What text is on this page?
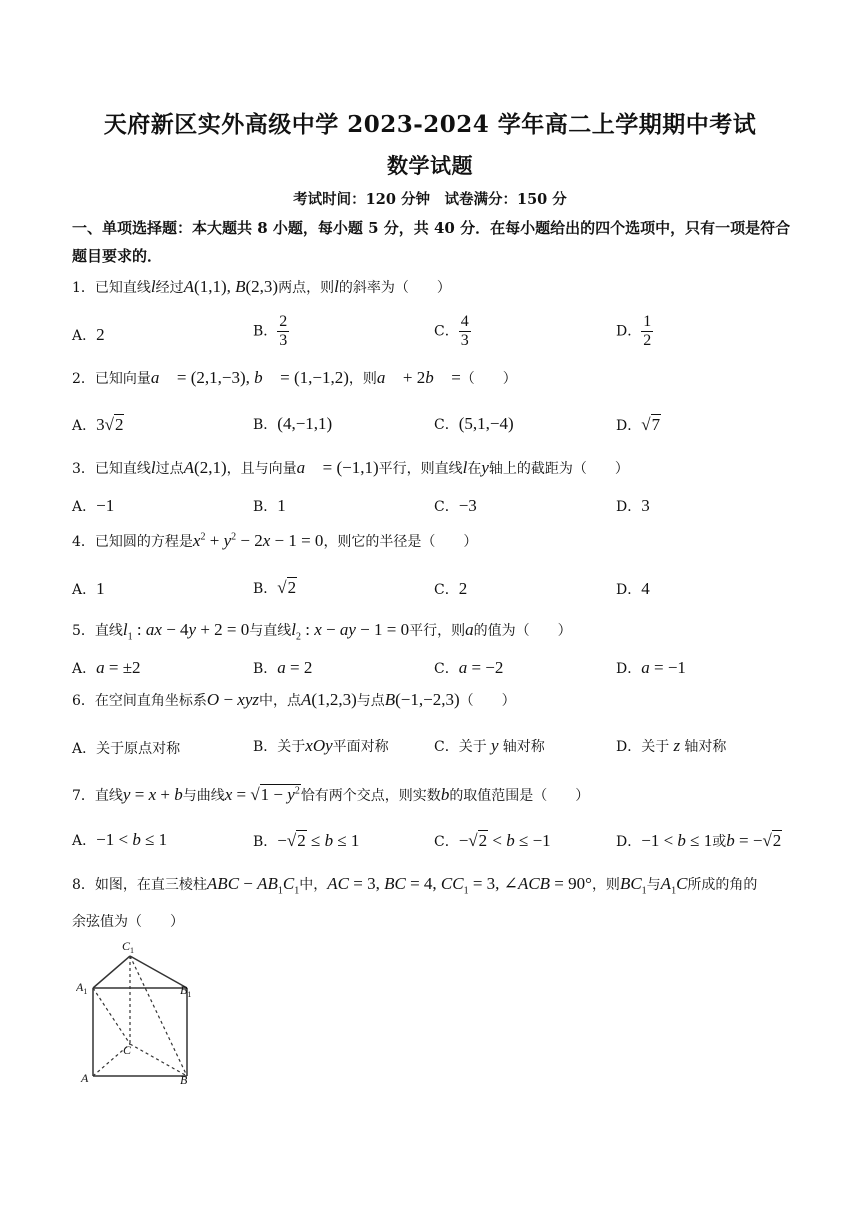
天府新区实外高级中学 2023-2024 学年高二上学期期中考试
数学试题
考试时间：120 分钟　试卷满分：150 分
一、单项选择题：本大题共 8 小题，每小题 5 分，共 40 分．在每小题给出的四个选项中，只有一项是符合题目要求的．
1．已知直线l经过A(1,1), B(2,3)两点，则l的斜率为（　　）
A．2	B． $\frac{2}{3}$	C． $\frac{4}{3}$	D． $\frac{1}{2}$
2．已知向量a⃗ = (2,1,−3), b⃗ = (1,−1,2)，则a⃗ + 2b⃗ =（　　）
A．3√2	B．(4,−1,1)	C．(5,1,−4)	D．√7
3．已知直线l过点A(2,1)，且与向量a⃗ = (−1,1)平行，则直线l在y轴上的截距为（　　）
A．−1	B．1	C．−3	D．3
4．已知圆的方程是$x^2 + y^2 - 2x - 1 = 0$，则它的半径是（　　）
A．1	B．√2	C．2	D．4
5．直线$l_1$ : ax − 4y + 2 = 0与直线$l_2$ : x − ay − 1 = 0平行，则a的值为（　　）
A．a = ±2	B．a = 2	C．a = −2	D．a = −1
6．在空间直角坐标系O − xyz中，点A(1,2,3)与点B(−1,−2,3)（　　）
A．关于原点对称	B．关于xOy平面对称	C．关于 y 轴对称	D．关于 z 轴对称
7．直线y = x + b与曲线$x = √1 - y^2$恰有两个交点，则实数b的取值范围是（　　）
A．−1 < b ≤ 1	B．−√2 ≤ b ≤ 1	C．−√2 < b ≤ −1	D．−1 < b ≤ 1或b = −√2
8．如图，在直三棱柱ABC − $AB_1C_1$中，AC = 3, BC = 4, $CC_1 = 3$, ∠ACB = 90°，则$BC_1$与$A_1C$所成的角的
余弦值为（　　）
$C_1$
$A_1$	$B_1$
C
A	B
